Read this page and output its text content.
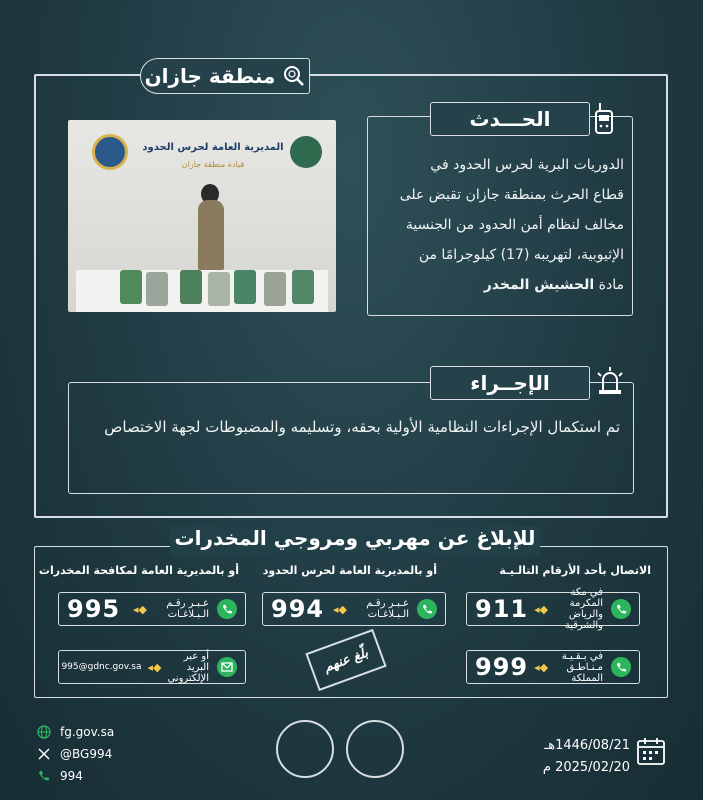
منطقة جازان
المديرية العامة لحرس الحدود
قيادة منطقة جازان
الحـــدث
الدوريات البرية لحرس الحدود في
قطاع الحرث بمنطقة جازان تقبض على
مخالف لنظام أمن الحدود من الجنسية
الإثيوبية، لتهريبه (17) كيلوجرامًا من
مادة الحشيش المخدر
الإجــراء
تم استكمال الإجراءات النظامية الأولية بحقه، وتسليمه والمضبوطات لجهة الاختصاص
للإبلاغ عن مهربي ومروجي المخدرات
الاتصال بأحد الأرقام التالـيـة
أو بالمديرية العامة لحرس الحدود
أو بالمديرية العامة لمكافحة المخدرات
في مكة المكرمة والرياض والشرقية
◆◂
911
في بـقـيـة مـنـاطـق المملكة
◆◂
999
عـبـر رقـم الـبـلاغـات
◆◂
994
عـبـر رقـم الـبـلاغـات
◆◂
995
أو عبر البريد الإلكتروني
◆◂
995@gdnc.gov.sa	بلّغ عنهم
fg.gov.sa
@BG994
994
1446/08/21هـ
2025/02/20 م
